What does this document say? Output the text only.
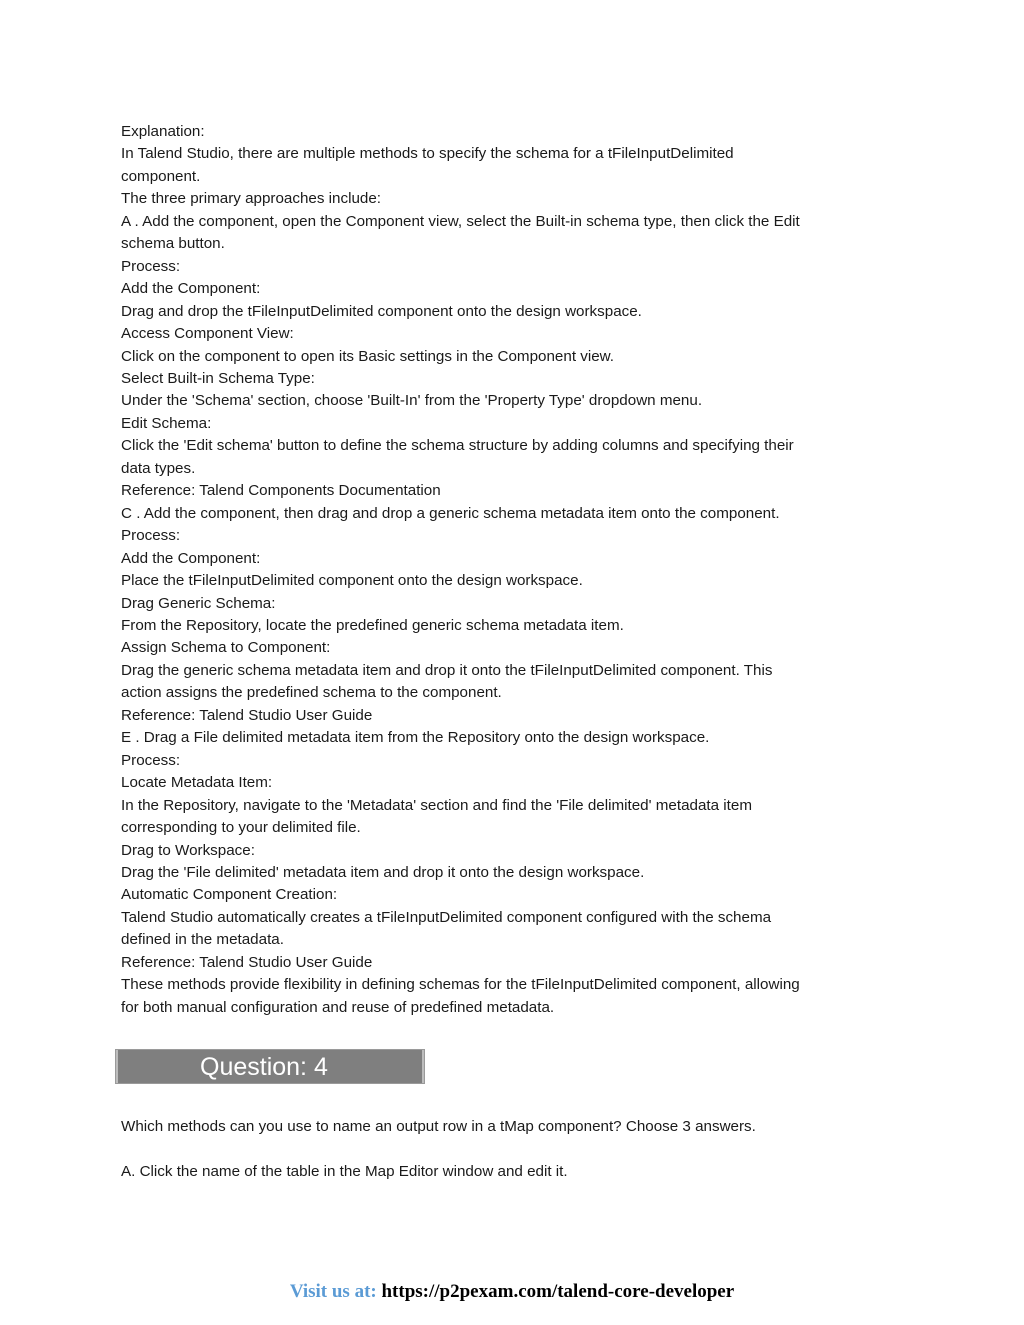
Explanation:
In Talend Studio, there are multiple methods to specify the schema for a tFileInputDelimited
component.
The three primary approaches include:
A . Add the component, open the Component view, select the Built-in schema type, then click the Edit
schema button.
Process:
Add the Component:
Drag and drop the tFileInputDelimited component onto the design workspace.
Access Component View:
Click on the component to open its Basic settings in the Component view.
Select Built-in Schema Type:
Under the 'Schema' section, choose 'Built-In' from the 'Property Type' dropdown menu.
Edit Schema:
Click the 'Edit schema' button to define the schema structure by adding columns and specifying their
data types.
Reference: Talend Components Documentation
C . Add the component, then drag and drop a generic schema metadata item onto the component.
Process:
Add the Component:
Place the tFileInputDelimited component onto the design workspace.
Drag Generic Schema:
From the Repository, locate the predefined generic schema metadata item.
Assign Schema to Component:
Drag the generic schema metadata item and drop it onto the tFileInputDelimited component. This
action assigns the predefined schema to the component.
Reference: Talend Studio User Guide
E . Drag a File delimited metadata item from the Repository onto the design workspace.
Process:
Locate Metadata Item:
In the Repository, navigate to the 'Metadata' section and find the 'File delimited' metadata item
corresponding to your delimited file.
Drag to Workspace:
Drag the 'File delimited' metadata item and drop it onto the design workspace.
Automatic Component Creation:
Talend Studio automatically creates a tFileInputDelimited component configured with the schema
defined in the metadata.
Reference: Talend Studio User Guide
These methods provide flexibility in defining schemas for the tFileInputDelimited component, allowing
for both manual configuration and reuse of predefined metadata.
Question: 4
Which methods can you use to name an output row in a tMap component? Choose 3 answers.
A. Click the name of the table in the Map Editor window and edit it.
Visit us at: https://p2pexam.com/talend-core-developer
